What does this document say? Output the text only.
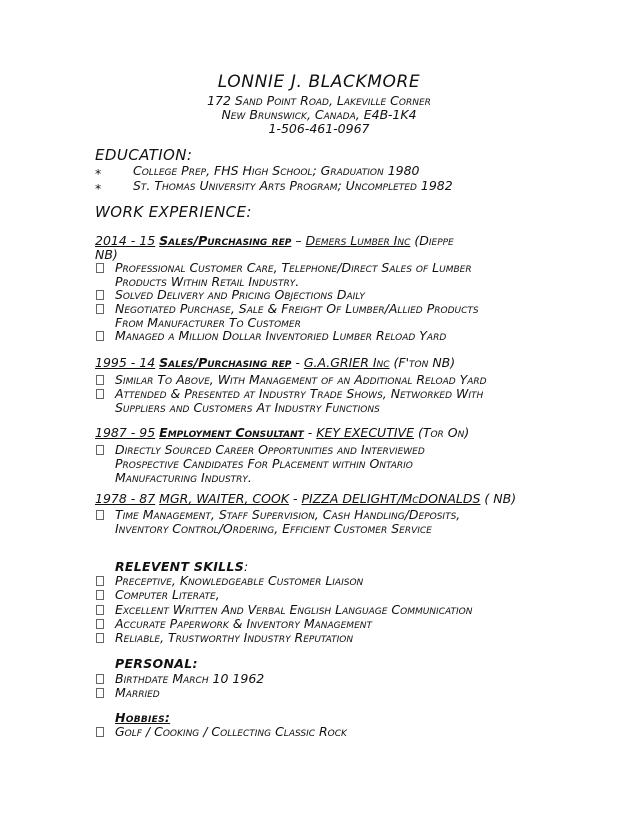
LONNIE J. BLACKMORE
172 Sand Point Road, Lakeville Corner
New Brunswick, Canada, E4B-1K4
1-506-461-0967
EDUCATION:
*	College Prep, FHS High School; Graduation 1980
*	St. Thomas University Arts Program; Uncompleted 1982
WORK EXPERIENCE:
2014 - 15 Sales/Purchasing rep – Demers Lumber Inc (Dieppe
NB)
Professional Customer Care, Telephone/Direct Sales of Lumber
Products Within Retail Industry.
Solved Delivery and Pricing Objections Daily
Negotiated Purchase, Sale & Freight Of Lumber/Allied Products
From Manufacturer To Customer
Managed a Million Dollar Inventoried Lumber Reload Yard
1995 - 14 Sales/Purchasing rep - G.A.GRIER Inc (F'ton NB)
Similar To Above, With Management of an Additional Reload Yard
Attended & Presented at Industry Trade Shows, Networked With
Suppliers and Customers At Industry Functions
1987 - 95 Employment Consultant - KEY EXECUTIVE (Tor On)
Directly Sourced Career Opportunities and Interviewed
Prospective Candidates For Placement within Ontario
Manufacturing Industry.
1978 - 87 MGR, WAITER, COOK - PIZZA DELIGHT/McDONALDS ( NB)
Time Management, Staff Supervision, Cash Handling/Deposits,
Inventory Control/Ordering, Efficient Customer Service
RELEVENT SKILLS:
Preceptive, Knowledgeable Customer Liaison
Computer Literate,
Excellent Written And Verbal English Language Communication
Accurate Paperwork & Inventory Management
Reliable, Trustworthy Industry Reputation
PERSONAL:
Birthdate March 10 1962
Married
Hobbies:
Golf / Cooking / Collecting Classic Rock
